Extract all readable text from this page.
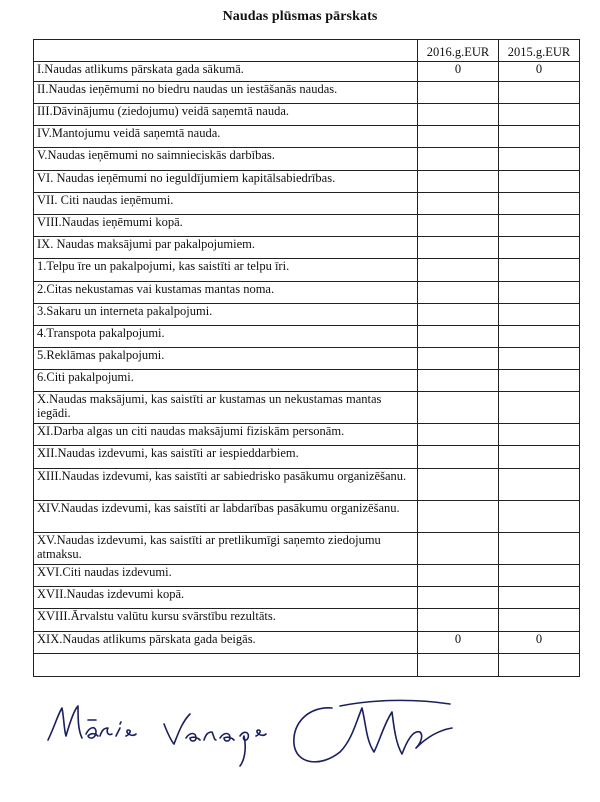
Naudas plūsmas pārskats
	2016.g.EUR	2015.g.EUR
I.Naudas atlikums pārskata gada sākumā.	0	0
II.Naudas ieņēmumi no biedru naudas un iestāšanās naudas.		
III.Dāvinājumu (ziedojumu) veidā saņemtā nauda.		
IV.Mantojumu veidā saņemtā nauda.		
V.Naudas ieņēmumi no saimnieciskās darbības.		
VI. Naudas ieņēmumi no ieguldījumiem kapitālsabiedrības.		
VII. Citi naudas ieņēmumi.		
VIII.Naudas ieņēmumi kopā.		
IX. Naudas maksājumi par pakalpojumiem.		
1.Telpu īre un pakalpojumi, kas saistīti ar telpu īri.		
2.Citas nekustamas vai kustamas mantas noma.		
3.Sakaru un interneta pakalpojumi.		
4.Transpota pakalpojumi.		
5.Reklāmas pakalpojumi.		
6.Citi pakalpojumi.		
X.Naudas maksājumi, kas saistīti ar kustamas un nekustamas mantas iegādi.		
XI.Darba algas un citi naudas maksājumi fiziskām personām.		
XII.Naudas izdevumi, kas saistīti ar iespieddarbiem.		
XIII.Naudas izdevumi, kas saistīti ar sabiedrisko pasākumu organizēšanu.		
XIV.Naudas izdevumi, kas saistīti ar labdarības pasākumu organizēšanu.		
XV.Naudas izdevumi, kas saistīti ar pretlikumīgi saņemto ziedojumu atmaksu.		
XVI.Citi naudas izdevumi.		
XVII.Naudas izdevumi kopā.		
XVIII.Ārvalstu valūtu kursu svārstību rezultāts.		
XIX.Naudas atlikums pārskata gada beigās.	0	0
